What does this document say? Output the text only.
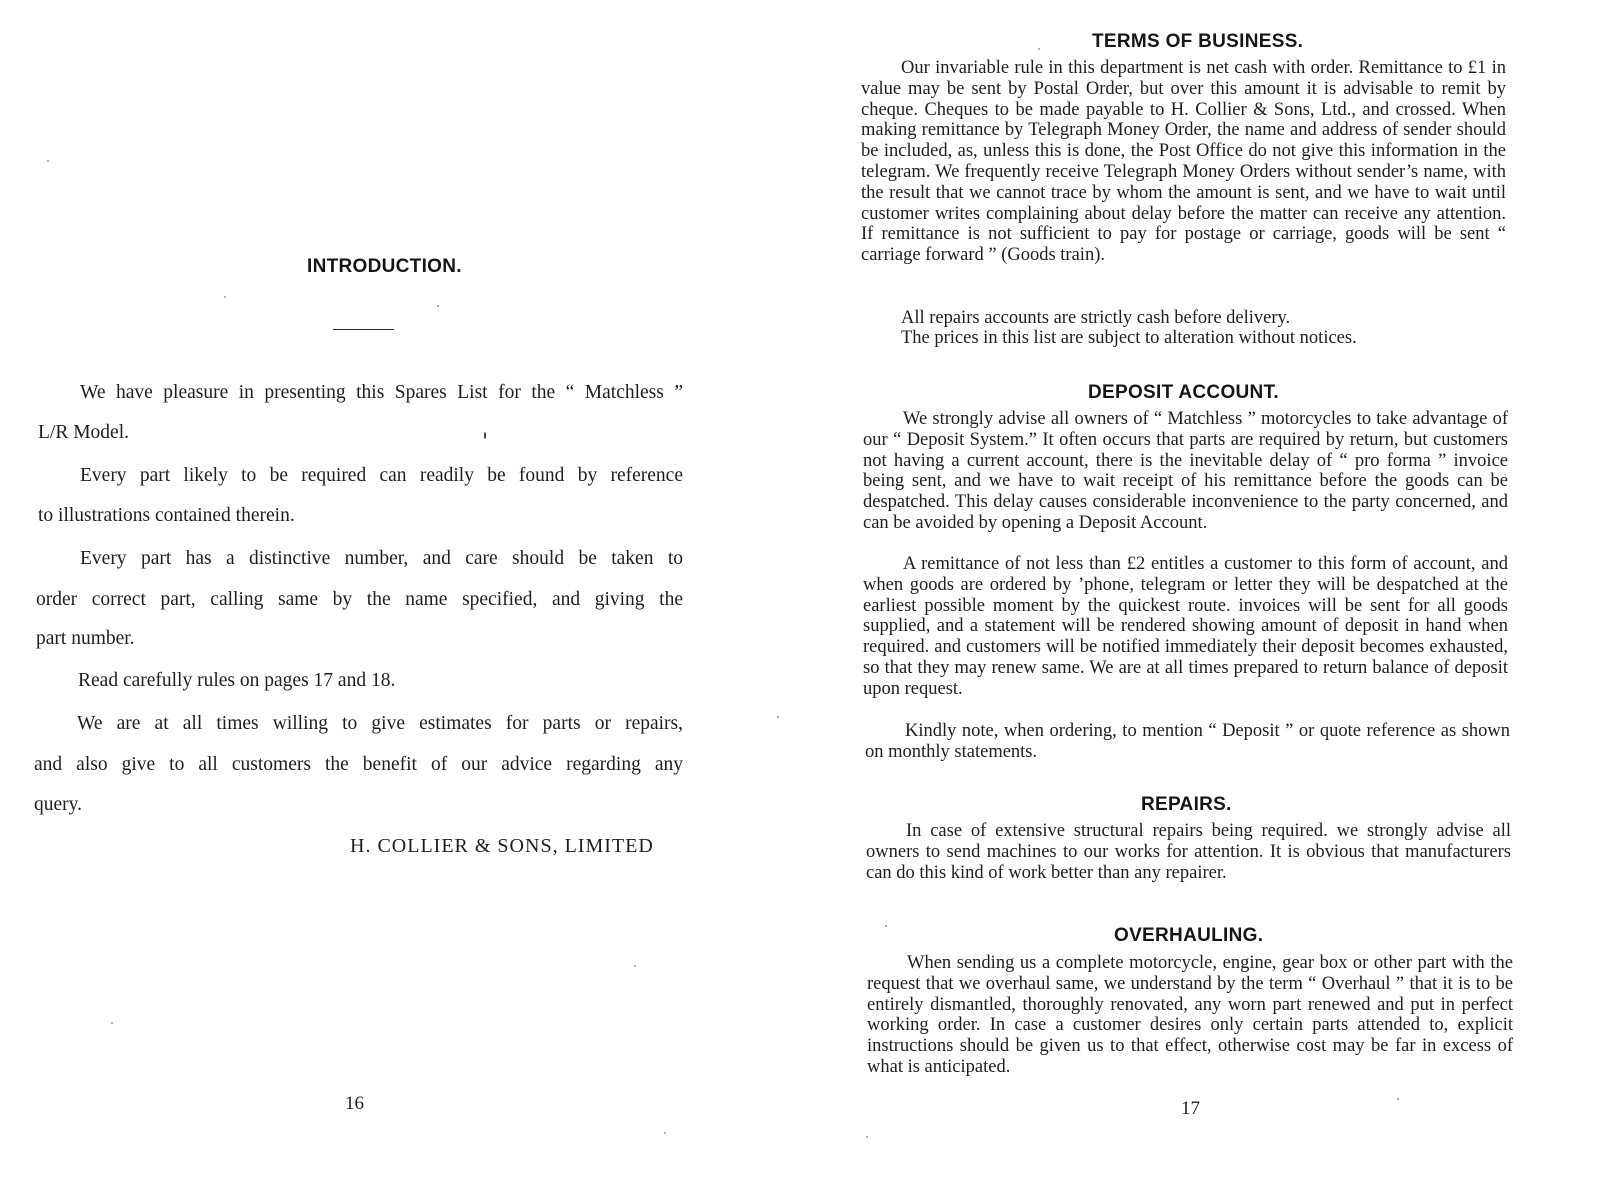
INTRODUCTION.

We have pleasure in presenting this Spares List for the “ Matchless ”

L/R Model.

Every part likely to be required can readily be found by reference

to illustrations contained therein.

Every part has a distinctive number, and care should be taken to

order correct part, calling same by the name specified, and giving the

part number.

Read carefully rules on pages 17 and 18.

We are at all times willing to give estimates for parts or repairs,

and also give to all customers the benefit of our advice regarding any

query.

H. COLLIER & SONS, LIMITED
16
TERMS OF BUSINESS.

Our invariable rule in this department is net cash with order. Remittance to £1 in value may be sent by Postal Order, but over this amount it is advisable to remit by cheque. Cheques to be made payable to H. Collier & Sons, Ltd., and crossed. When making remittance by Telegraph Money Order, the name and address of sender should be included, as, unless this is done, the Post Office do not give this information in the telegram. We frequently receive Telegraph Money Orders without sender’s name, with the result that we cannot trace by whom the amount is sent, and we have to wait until customer writes complaining about delay before the matter can receive any attention. If remittance is not sufficient to pay for postage or carriage, goods will be sent “ carriage forward ” (Goods train).

All repairs accounts are strictly cash before delivery.

The prices in this list are subject to alteration without notices.

DEPOSIT ACCOUNT.

We strongly advise all owners of “ Matchless ” motorcycles to take advantage of our “ Deposit System.” It often occurs that parts are required by return, but customers not having a current account, there is the inevitable delay of “ pro forma ” invoice being sent, and we have to wait receipt of his remittance before the goods can be despatched. This delay causes considerable inconvenience to the party concerned, and can be avoided by opening a Deposit Account.

A remittance of not less than £2 entitles a customer to this form of account, and when goods are ordered by ’phone, telegram or letter they will be despatched at the earliest possible moment by the quickest route. invoices will be sent for all goods supplied, and a statement will be rendered showing amount of deposit in hand when required. and customers will be notified immediately their deposit becomes exhausted, so that they may renew same. We are at all times prepared to return balance of deposit upon request.

Kindly note, when ordering, to mention “ Deposit ” or quote reference as shown on monthly statements.

REPAIRS.

In case of extensive structural repairs being required. we strongly advise all owners to send machines to our works for attention. It is obvious that manufacturers can do this kind of work better than any repairer.

OVERHAULING.

When sending us a complete motorcycle, engine, gear box or other part with the request that we overhaul same, we understand by the term “ Overhaul ” that it is to be entirely dismantled, thoroughly renovated, any worn part renewed and put in perfect working order. In case a customer desires only certain parts attended to, explicit instructions should be given us to that effect, otherwise cost may be far in excess of what is anticipated.

17
